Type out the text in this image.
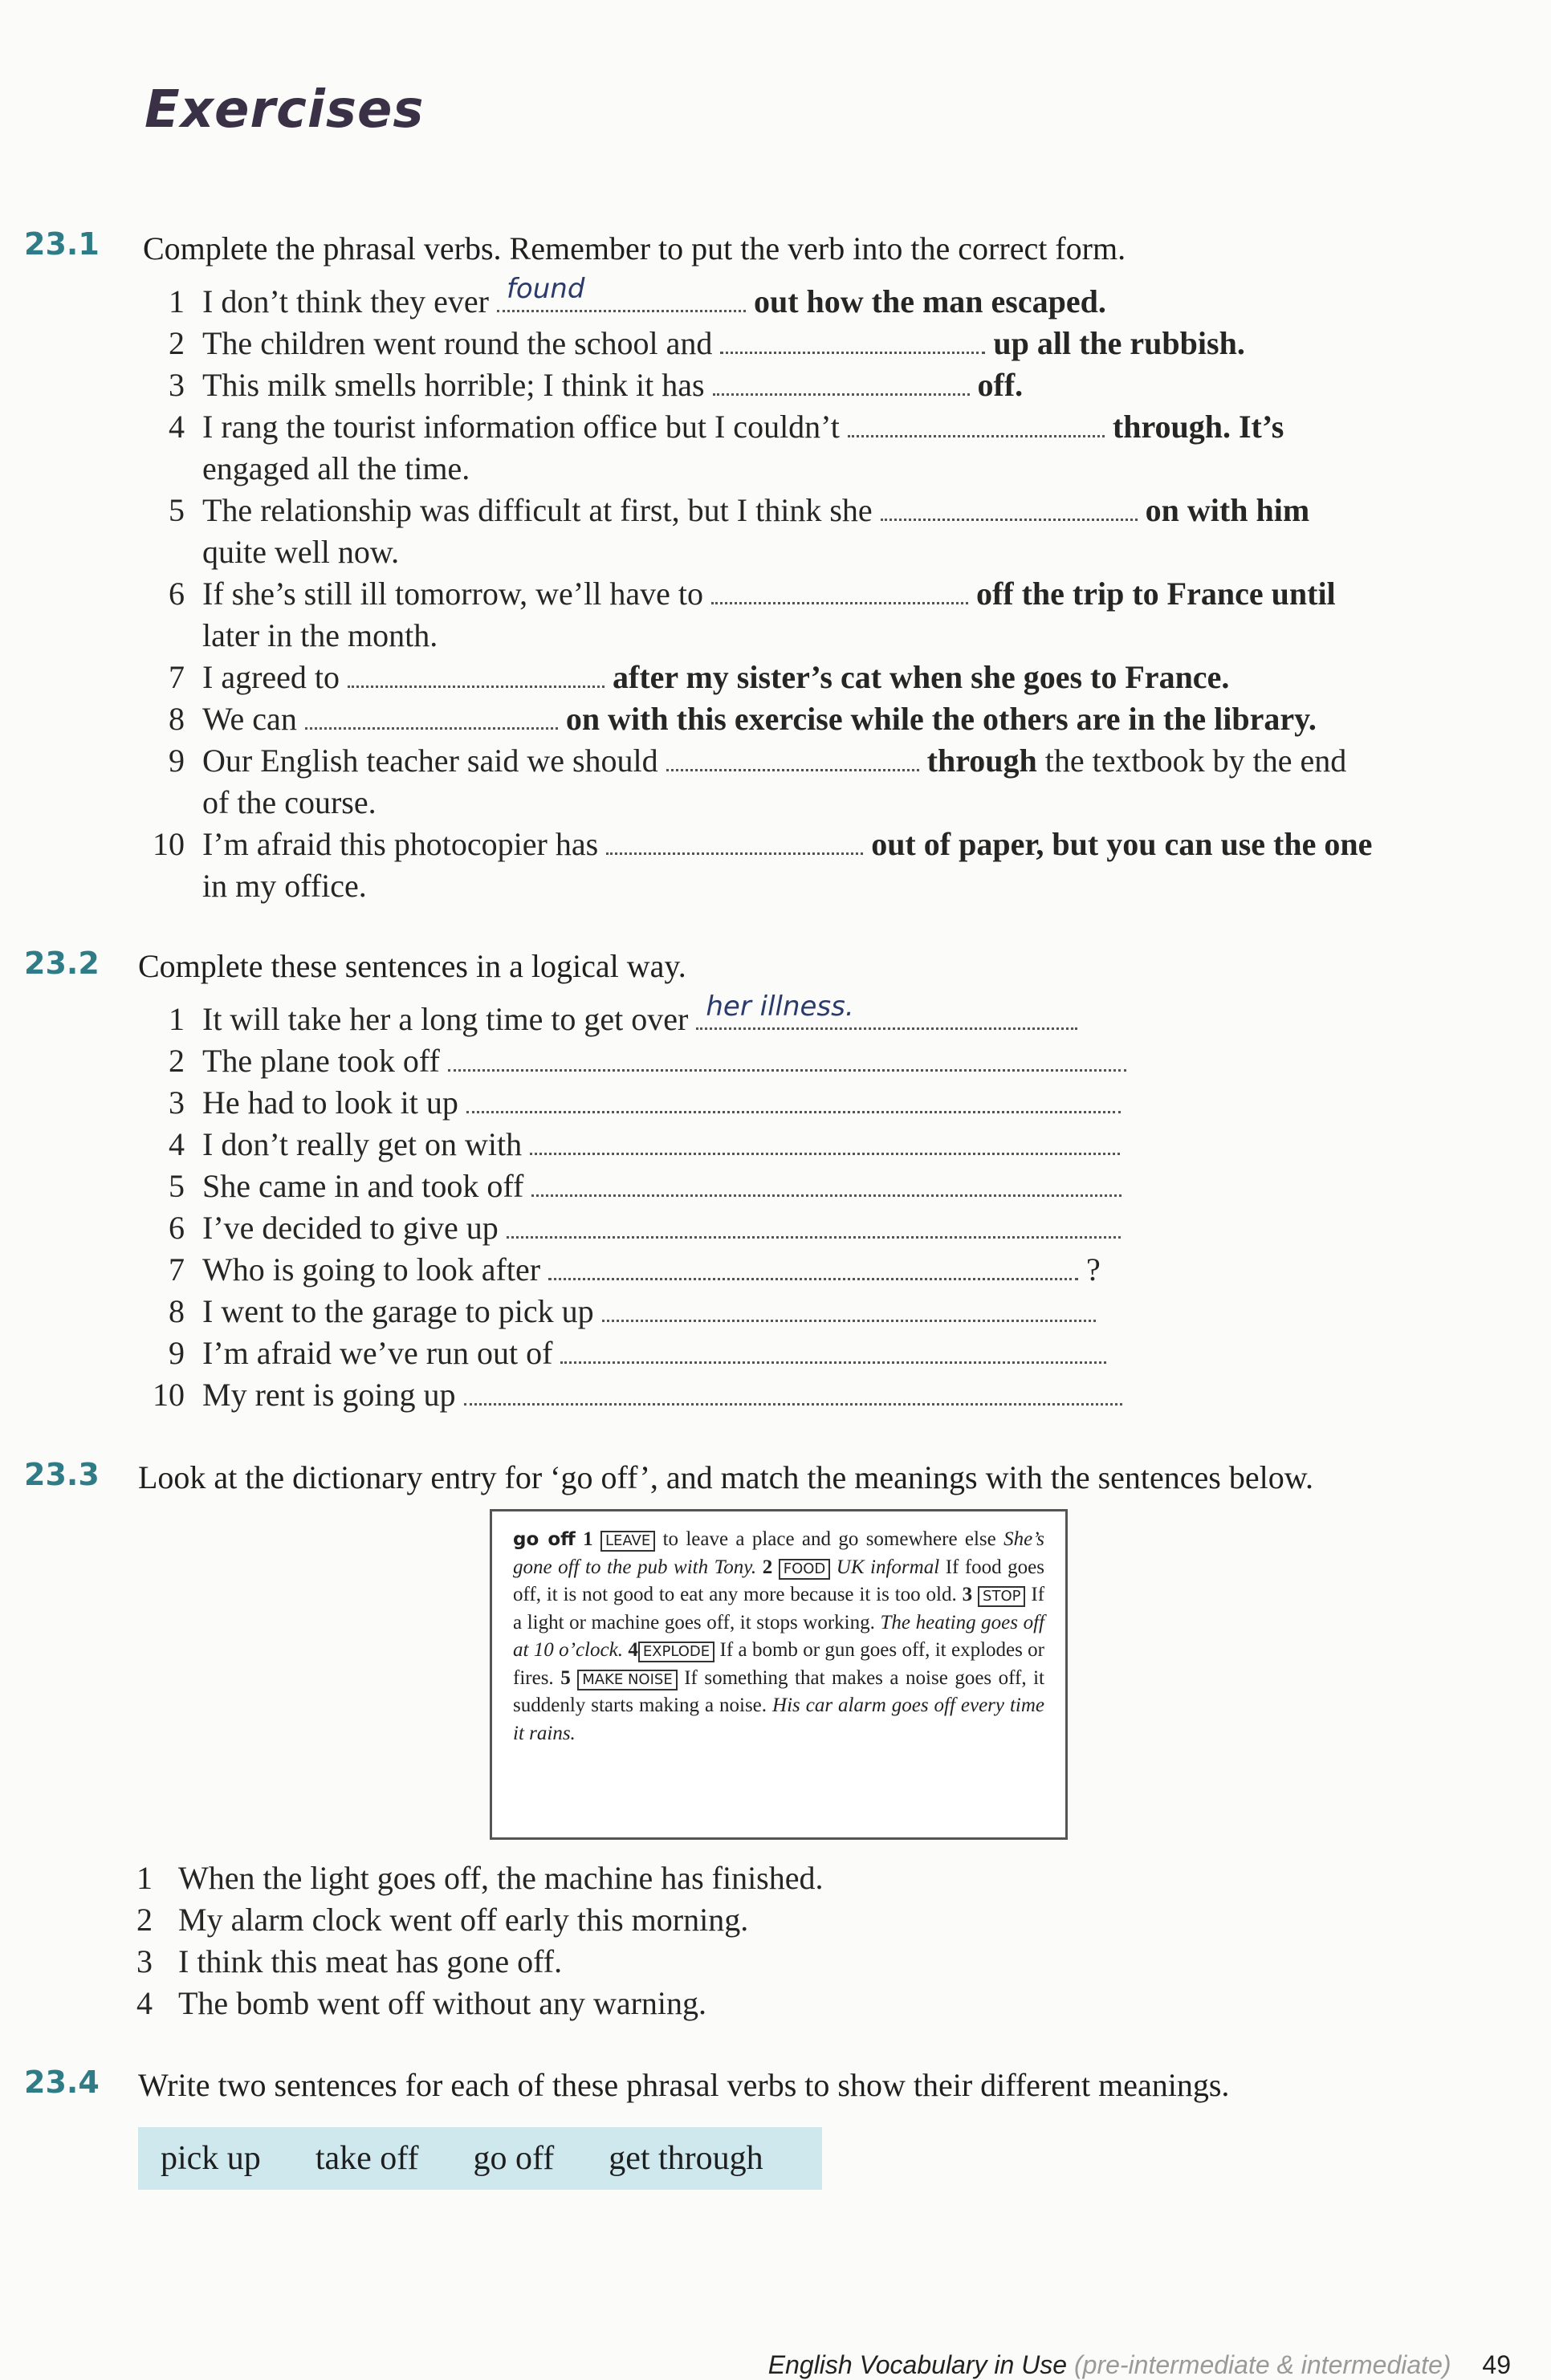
Exercises
23.1 Complete the phrasal verbs. Remember to put the verb into the correct form.
1 I don’t think they ever found	out how the man escaped.
2 The children went round the school and	up all the rubbish.
3 This milk smells horrible; I think it has	off.
4 I rang the tourist information office but I couldn’t	through. It’s
engaged all the time.
5 The relationship was difficult at first, but I think she	on with him
quite well now.
6 If she’s still ill tomorrow, we’ll have to	off the trip to France until
later in the month.
7 I agreed to	after my sister’s cat when she goes to France.
8 We can	on with this exercise while the others are in the library.
9 Our English teacher said we should	through the textbook by the end
of the course.
10 I’m afraid this photocopier has	out of paper, but you can use the one
in my office.
23.2 Complete these sentences in a logical way.
1 It will take her a long time to get over her illness.
2 The plane took off
3 He had to look it up
4 I don’t really get on with
5 She came in and took off
6 I’ve decided to give up
7 Who is going to look after	?
8 I went to the garage to pick up
9 I’m afraid we’ve run out of
10 My rent is going up
23.3 Look at the dictionary entry for ‘go off’, and match the meanings with the sentences below.
go off 1 LEAVE to leave a place and go somewhere else She’s gone off to the pub with Tony. 2 FOOD UK informal If food goes off, it is not good to eat any more because it is too old. 3 STOP If a light or machine goes off, it stops working. The heating goes off at 10 o’clock. 4 EXPLODE If a bomb or gun goes off, it explodes or fires. 5 MAKE NOISE If something that makes a noise goes off, it suddenly starts making a noise. His car alarm goes off every time it rains.
1 When the light goes off, the machine has finished.
2 My alarm clock went off early this morning.
3 I think this meat has gone off.
4 The bomb went off without any warning.
23.4 Write two sentences for each of these phrasal verbs to show their different meanings.
pick up take off go off get through
English Vocabulary in Use (pre-intermediate & intermediate) 49
